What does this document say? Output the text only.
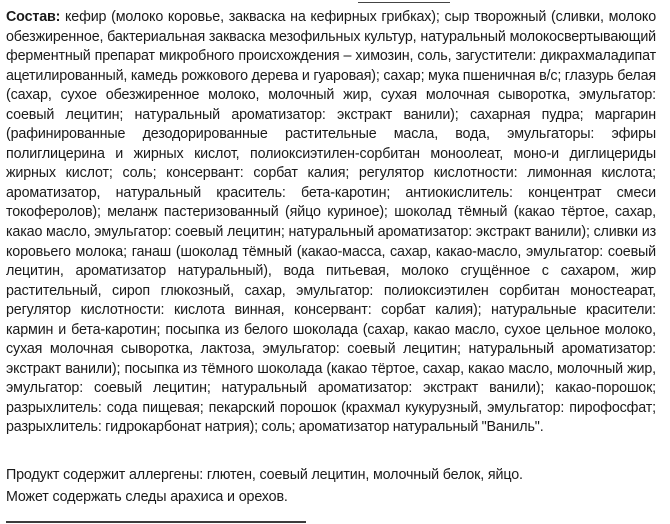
Состав: кефир (молоко коровье, закваска на кефирных грибках); сыр творожный (сливки, молоко обезжиренное, бактериальная закваска мезофильных культур, натуральный молокосвертывающий ферментный препарат микробного происхождения – химозин, соль, загустители: дикрахмаладипат ацетилированный, камедь рожкового дерева и гуаровая); сахар; мука пшеничная в/с; глазурь белая (сахар, сухое обезжиренное молоко, молочный жир, сухая молочная сыворотка, эмульгатор: соевый лецитин; натуральный ароматизатор: экстракт ванили); сахарная пудра; маргарин (рафинированные дезодорированные растительные масла, вода, эмульгаторы: эфиры полиглицерина и жирных кислот, полиоксиэтилен-сорбитан моноолеат, моно-и диглицериды жирных кислот; соль; консервант: сорбат калия; регулятор кислотности: лимонная кислота; ароматизатор, натуральный краситель: бета-каротин; антиокислитель: концентрат смеси токоферолов); меланж пастеризованный (яйцо куриное); шоколад тёмный (какао тёртое, сахар, какао масло, эмульгатор: соевый лецитин; натуральный ароматизатор: экстракт ванили); сливки из коровьего молока; ганаш (шоколад тёмный (какао-масса, сахар, какао-масло, эмульгатор: соевый лецитин, ароматизатор натуральный), вода питьевая, молоко сгущённое с сахаром, жир растительный, сироп глюкозный, сахар, эмульгатор: полиоксиэтилен сорбитан моностеарат, регулятор кислотности: кислота винная, консервант: сорбат калия); натуральные красители: кармин и бета-каротин; посыпка из белого шоколада (сахар, какао масло, сухое цельное молоко, сухая молочная сыворотка, лактоза, эмульгатор: соевый лецитин; натуральный ароматизатор: экстракт ванили); посыпка из тёмного шоколада (какао тёртое, сахар, какао масло, молочный жир, эмульгатор: соевый лецитин; натуральный ароматизатор: экстракт ванили); какао-порошок; разрыхлитель: сода пищевая; пекарский порошок (крахмал кукурузный, эмульгатор: пирофосфат; разрыхлитель: гидрокарбонат натрия); соль; ароматизатор натуральный "Ваниль".
Продукт содержит аллергены: глютен, соевый лецитин, молочный белок, яйцо.
Может содержать следы арахиса и орехов.
